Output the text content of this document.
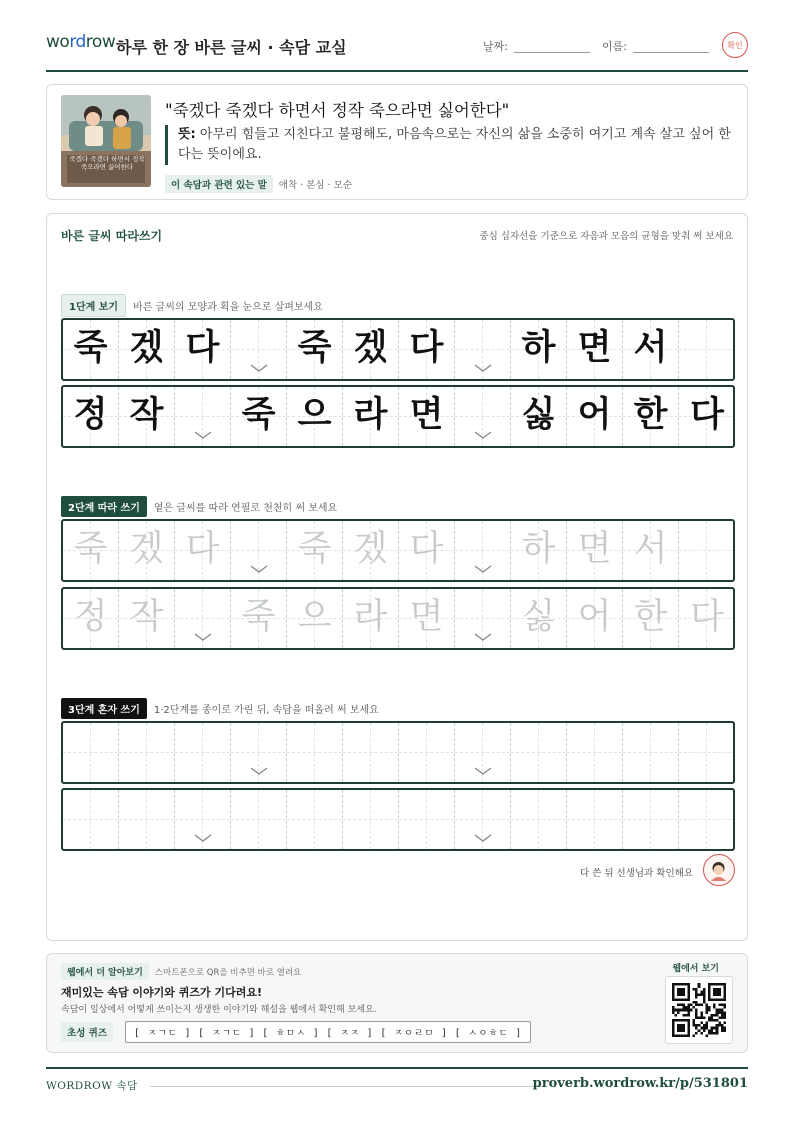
wordrow 하루 한 장 바른 글씨 · 속담 교실	날짜:	이름:	확인
죽겠다 죽겠다 하면서 정작 죽으라면 싫어한다
"죽겠다 죽겠다 하면서 정작 죽으라면 싫어한다"
뜻: 아무리 힘들고 지친다고 불평해도, 마음속으로는 자신의 삶을 소중히 여기고 계속 살고 싶어 한다는 뜻이에요.
이 속담과 관련 있는 말	애착 · 본심 · 모순
바른 글씨 따라쓰기	중심 십자선을 기준으로 자음과 모음의 균형을 맞춰 써 보세요
1단계 보기	바른 글씨의 모양과 획을 눈으로 살펴보세요
죽 겠 다	죽 겠 다	하 면 서
정 작	죽 으 라 면	싫 어 한 다
2단계 따라 쓰기	옅은 글씨를 따라 연필로 천천히 써 보세요
죽 겠 다	죽 겠 다	하 면 서
정 작	죽 으 라 면	싫 어 한 다
3단계 혼자 쓰기	1·2단계를 종이로 가린 뒤, 속담을 떠올려 써 보세요
다 쓴 뒤 선생님과 확인해요
웹에서 더 알아보기	스마트폰으로 QR을 비추면 바로 열려요
재미있는 속담 이야기와 퀴즈가 기다려요!
속담이 일상에서 어떻게 쓰이는지 생생한 이야기와 해설을 웹에서 확인해 보세요.
초성 퀴즈	[ ㅈㄱㄷ ] [ ㅈㄱㄷ ] [ ㅎㅁㅅ ] [ ㅈㅈ ] [ ㅈㅇㄹㅁ ] [ ㅅㅇㅎㄷ ]
웹에서 보기
WORDROW 속담	proverb.wordrow.kr/p/531801
